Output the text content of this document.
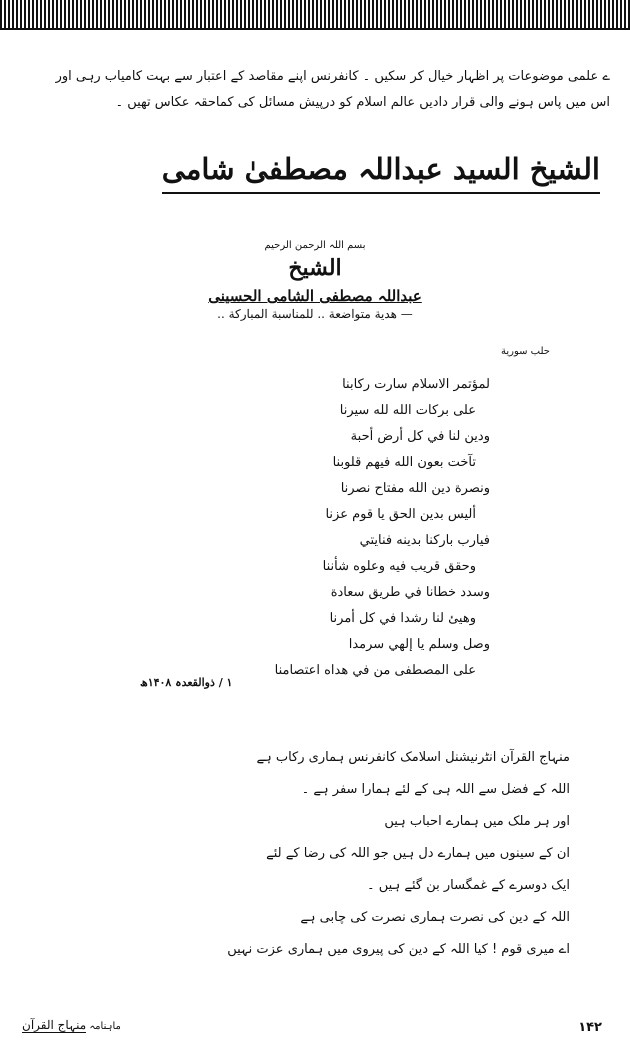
ے علمی موضوعات پر اظہار خیال کر سکیں ۔ کانفرنس اپنے مقاصد کے اعتبار سے بہت کامیاب رہی اور

اس میں پاس ہونے والی قرار دادیں عالم اسلام کو درپیش مسائل کی کماحقہ عکاس تھیں ۔

الشیخ السید عبداللہ مصطفیٰ شامی

بسم اللہ الرحمن الرحیم

الشیخ

عبداللہ مصطفی الشامی الحسینی

— هدية متواضعة .. للمناسبة المباركة ..

حلب سورية
لمؤتمر الاسلام سارت ركابنا
على بركات الله لله سيرنا
ودين لنا في كل أرض أحبة
تآخت بعون الله فيهم قلوبنا
ونصرة دين الله مفتاح نصرنا
أليس بدين الحق يا قوم عزنا
فيارب باركنا بدينه فنايتي
وحقق قريب فيه وعلوه شأننا
وسدد خطانا في طريق سعادة
وهيئ لنا رشدا في كل أمرنا
وصل وسلم يا إلهي سرمدا
على المصطفى من في هداه اعتصامنا
۱ / ذوالقعدہ ۱۴۰۸ھ
منہاج القرآن انٹرنیشنل اسلامک کانفرنس ہماری رکاب ہے
اللہ کے فضل سے اللہ ہی کے لئے ہمارا سفر ہے ۔
اور ہر ملک میں ہمارے احباب ہیں
ان کے سینوں میں ہمارے دل ہیں جو اللہ کی رضا کے لئے
ایک دوسرے کے غمگسار بن گئے ہیں ۔
اللہ کے دین کی نصرت ہماری نصرت کی چابی ہے
اے میری قوم ! کیا اللہ کے دین کی پیروی میں ہماری عزت نہیں
۱۴۲
ماہنامہ منہاج القرآن
